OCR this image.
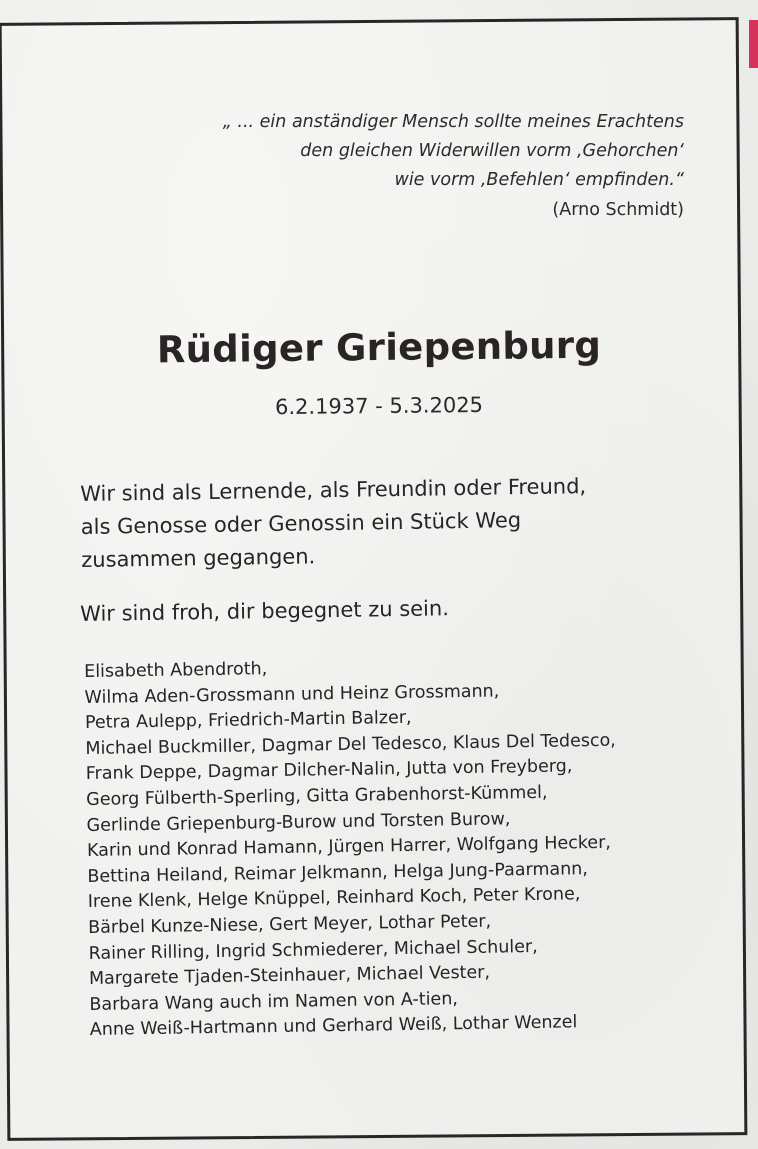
„ ... ein anständiger Mensch sollte meines Erachtens
den gleichen Widerwillen vorm ‚Gehorchen‘
wie vorm ‚Befehlen‘ empfinden.“
(Arno Schmidt)
Rüdiger Griepenburg
6.2.1937 - 5.3.2025
Wir sind als Lernende, als Freundin oder Freund,
als Genosse oder Genossin ein Stück Weg
zusammen gegangen.
Wir sind froh, dir begegnet zu sein.
Elisabeth Abendroth,
Wilma Aden-Grossmann und Heinz Grossmann,
Petra Aulepp, Friedrich-Martin Balzer,
Michael Buckmiller, Dagmar Del Tedesco, Klaus Del Tedesco,
Frank Deppe, Dagmar Dilcher-Nalin, Jutta von Freyberg,
Georg Fülberth-Sperling, Gitta Grabenhorst-Kümmel,
Gerlinde Griepenburg-Burow und Torsten Burow,
Karin und Konrad Hamann, Jürgen Harrer, Wolfgang Hecker,
Bettina Heiland, Reimar Jelkmann, Helga Jung-Paarmann,
Irene Klenk, Helge Knüppel, Reinhard Koch, Peter Krone,
Bärbel Kunze-Niese, Gert Meyer, Lothar Peter,
Rainer Rilling, Ingrid Schmiederer, Michael Schuler,
Margarete Tjaden-Steinhauer, Michael Vester,
Barbara Wang auch im Namen von A-tien,
Anne Weiß-Hartmann und Gerhard Weiß, Lothar Wenzel
